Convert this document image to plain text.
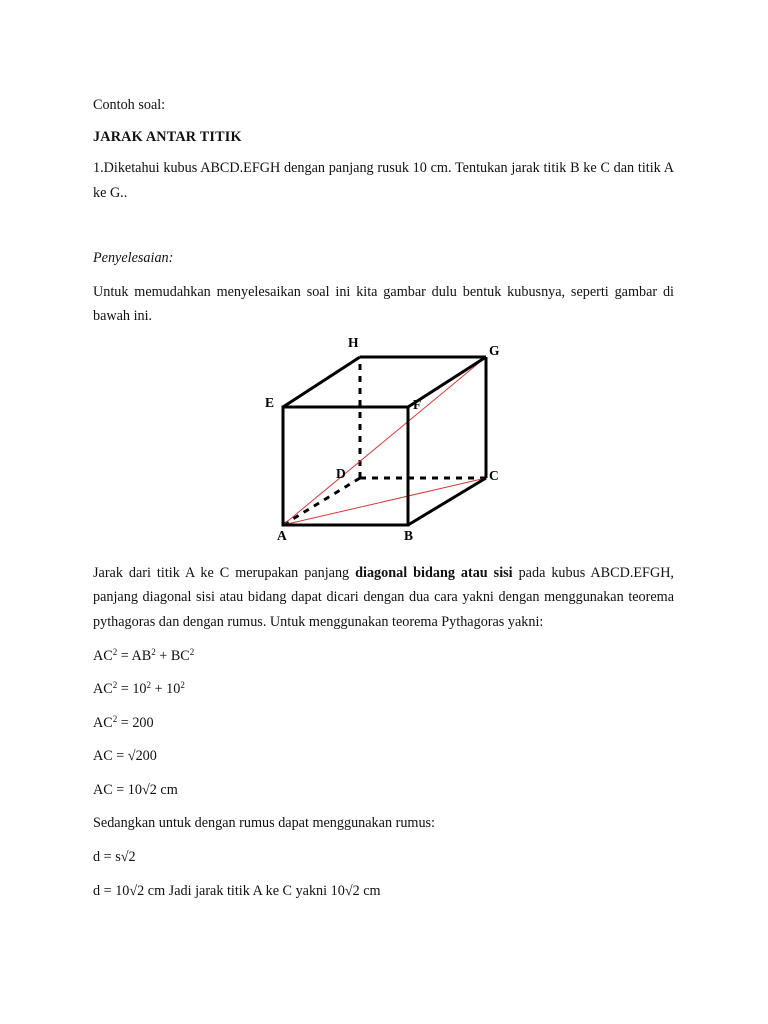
Contoh soal:

JARAK ANTAR TITIK

1.Diketahui kubus ABCD.EFGH dengan panjang rusuk 10 cm. Tentukan jarak titik B ke C dan titik A ke G..

Penyelesaian:

Untuk memudahkan menyelesaikan soal ini kita gambar dulu bentuk kubusnya, seperti gambar di bawah ini.

H
G
E	F
D	C
A	B

Jarak dari titik A ke C merupakan panjang diagonal bidang atau sisi pada kubus ABCD.EFGH, panjang diagonal sisi atau bidang dapat dicari dengan dua cara yakni dengan menggunakan teorema pythagoras dan dengan rumus. Untuk menggunakan teorema Pythagoras yakni:

$AC^2 = AB^2 + BC^2$

$AC^2 = 10^2 + 10^2$

$AC^2 = 200$

AC = √200

AC = 10√2 cm

Sedangkan untuk dengan rumus dapat menggunakan rumus:

d = s√2

d = 10√2 cm Jadi jarak titik A ke C yakni 10√2 cm
